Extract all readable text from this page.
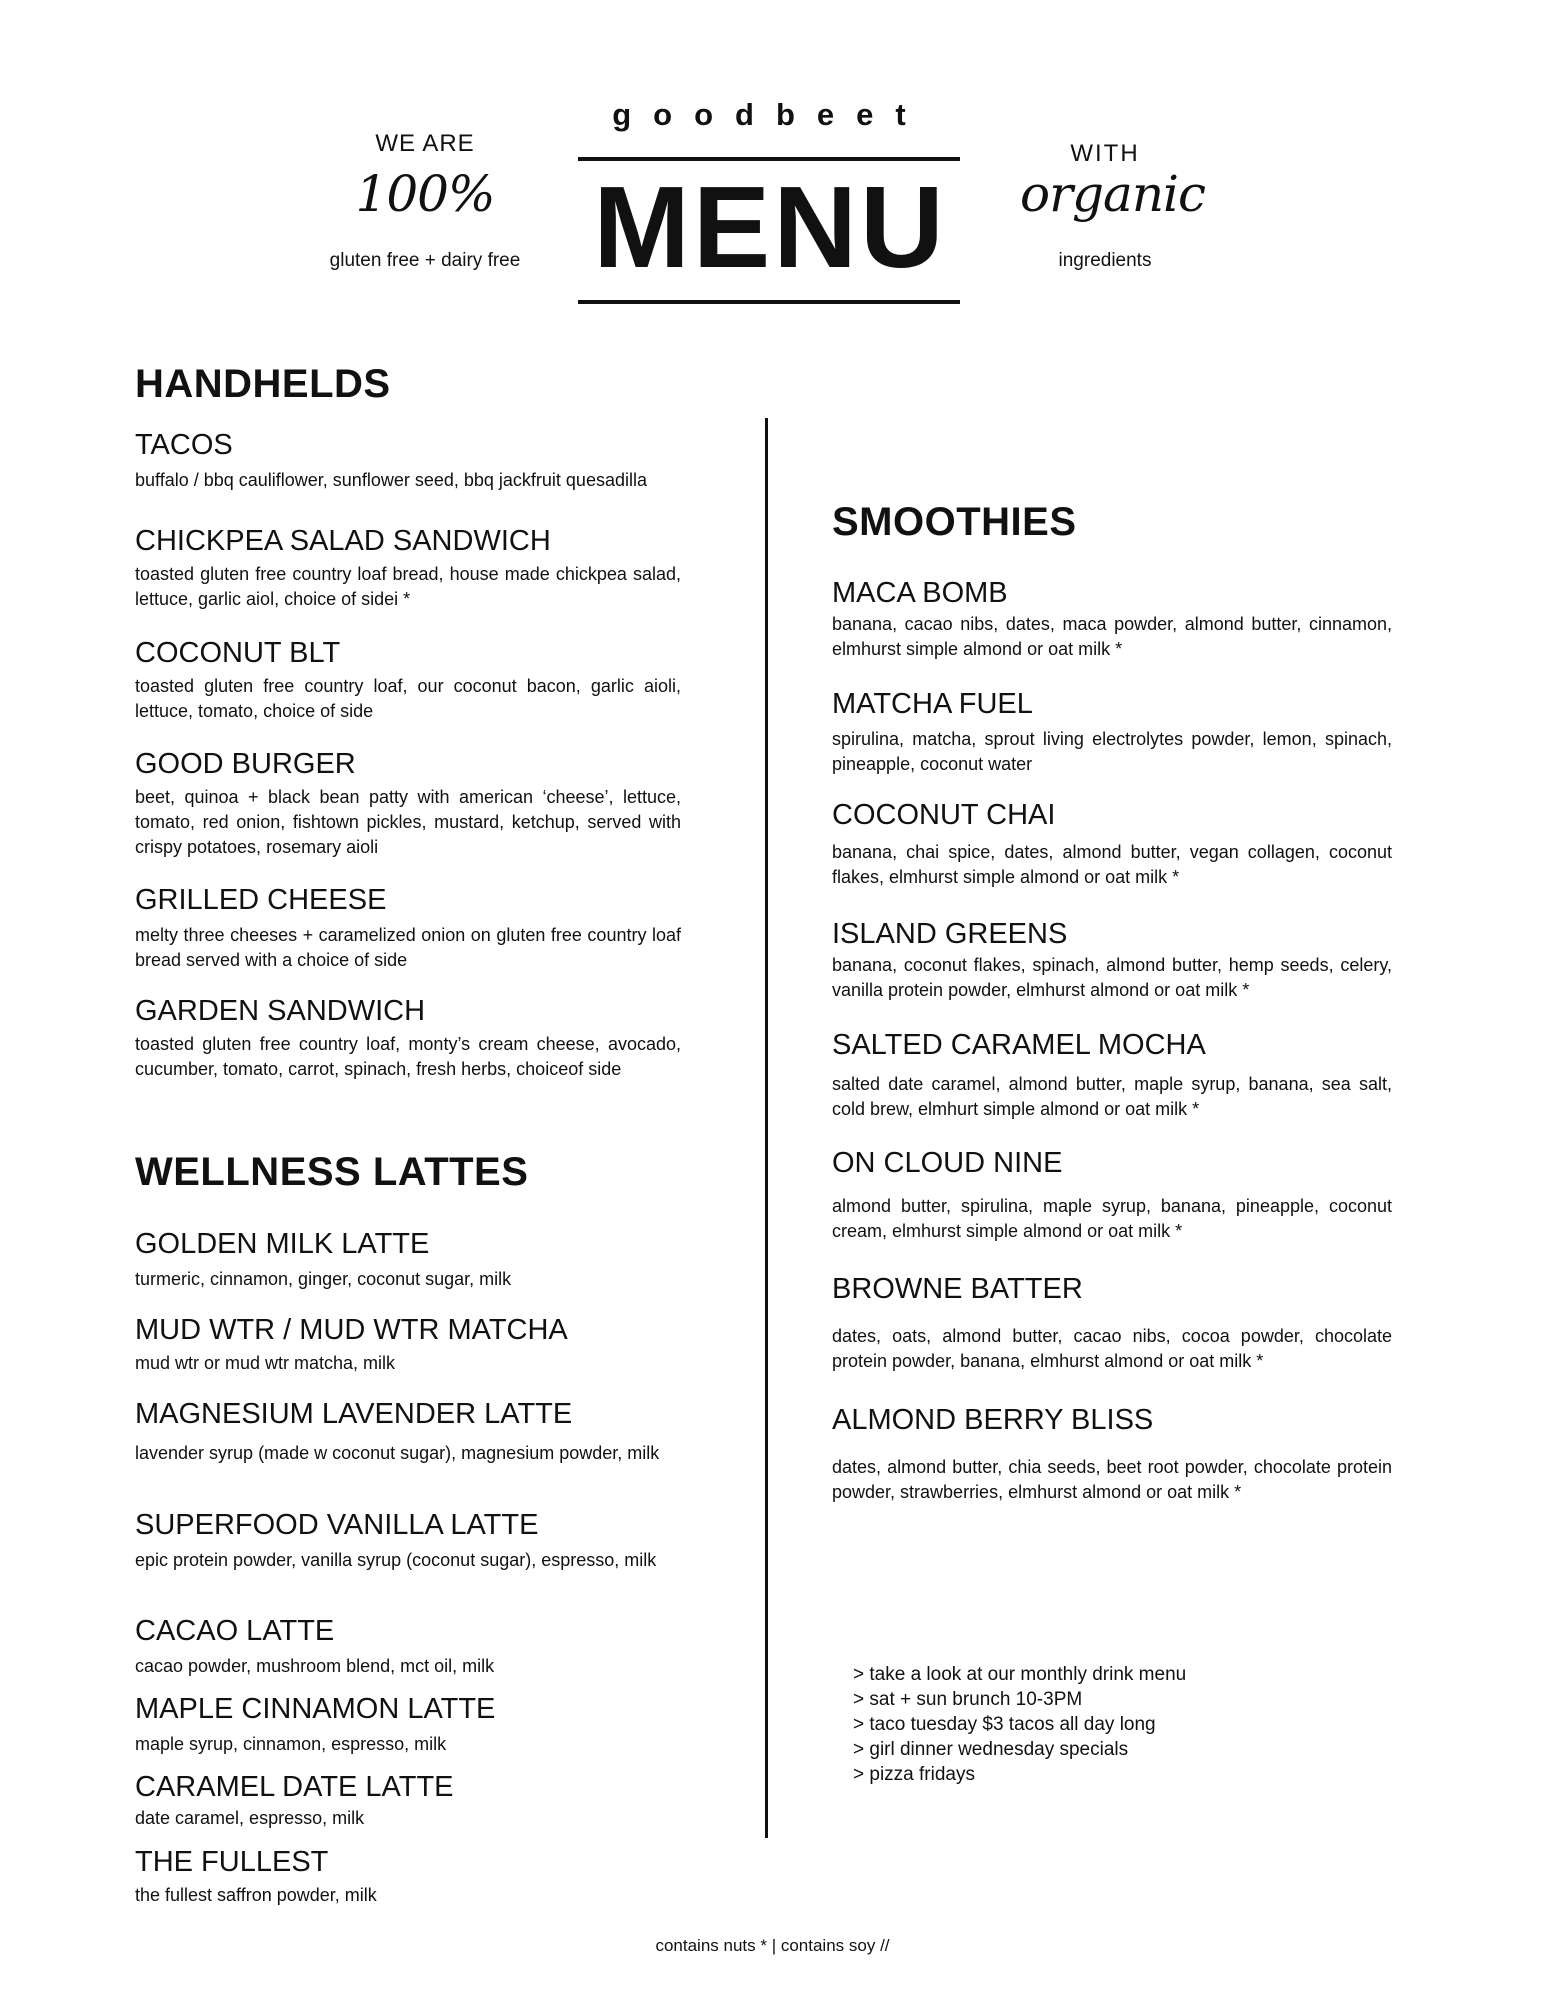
WE ARE
100%
gluten free + dairy free
goodbeet
MENU
WITH
organic
ingredients
HANDHELDS

TACOS

buffalo / bbq cauliflower, sunflower seed, bbq jackfruit quesadilla

CHICKPEA SALAD SANDWICH

toasted gluten free country loaf bread, house made chickpea salad, lettuce, garlic aiol, choice of sidei *

COCONUT BLT

toasted gluten free country loaf, our coconut bacon, garlic aioli, lettuce, tomato, choice of side

GOOD BURGER

beet, quinoa + black bean patty with american ‘cheese’, lettuce, tomato, red onion, fishtown pickles, mustard, ketchup, served with crispy potatoes, rosemary aioli

GRILLED CHEESE

melty three cheeses + caramelized onion on gluten free country loaf bread served with a choice of side

GARDEN SANDWICH

toasted gluten free country loaf, monty’s cream cheese, avocado, cucumber, tomato, carrot, spinach, fresh herbs, choiceof side

WELLNESS LATTES

GOLDEN MILK LATTE

turmeric, cinnamon, ginger, coconut sugar, milk

MUD WTR / MUD WTR MATCHA

mud wtr or mud wtr matcha, milk

MAGNESIUM LAVENDER LATTE

lavender syrup (made w coconut sugar), magnesium powder, milk

SUPERFOOD VANILLA LATTE

epic protein powder, vanilla syrup (coconut sugar), espresso, milk

CACAO LATTE

cacao powder, mushroom blend, mct oil, milk

MAPLE CINNAMON LATTE

maple syrup, cinnamon, espresso, milk

CARAMEL DATE LATTE

date caramel, espresso, milk

THE FULLEST

the fullest saffron powder, milk

SMOOTHIES

MACA BOMB

banana, cacao nibs, dates, maca powder, almond butter, cinnamon, elmhurst simple almond or oat milk *

MATCHA FUEL

spirulina, matcha, sprout living electrolytes powder, lemon, spinach, pineapple, coconut water

COCONUT CHAI

banana, chai spice, dates, almond butter, vegan collagen, coconut flakes, elmhurst simple almond or oat milk *

ISLAND GREENS

banana, coconut flakes, spinach, almond butter, hemp seeds, celery, vanilla protein powder, elmhurst almond or oat milk *

SALTED CARAMEL MOCHA

salted date caramel, almond butter, maple syrup, banana, sea salt, cold brew, elmhurt simple almond or oat milk *

ON CLOUD NINE

almond butter, spirulina, maple syrup, banana, pineapple, coconut cream, elmhurst simple almond or oat milk *

BROWNE BATTER

dates, oats, almond butter, cacao nibs, cocoa powder, chocolate protein powder, banana, elmhurst almond or oat milk *

ALMOND BERRY BLISS

dates, almond butter, chia seeds, beet root powder, chocolate protein powder, strawberries, elmhurst almond or oat milk *

> take a look at our monthly drink menu
> sat + sun brunch 10-3PM
> taco tuesday $3 tacos all day long
> girl dinner wednesday specials
> pizza fridays
contains nuts * | contains soy //
